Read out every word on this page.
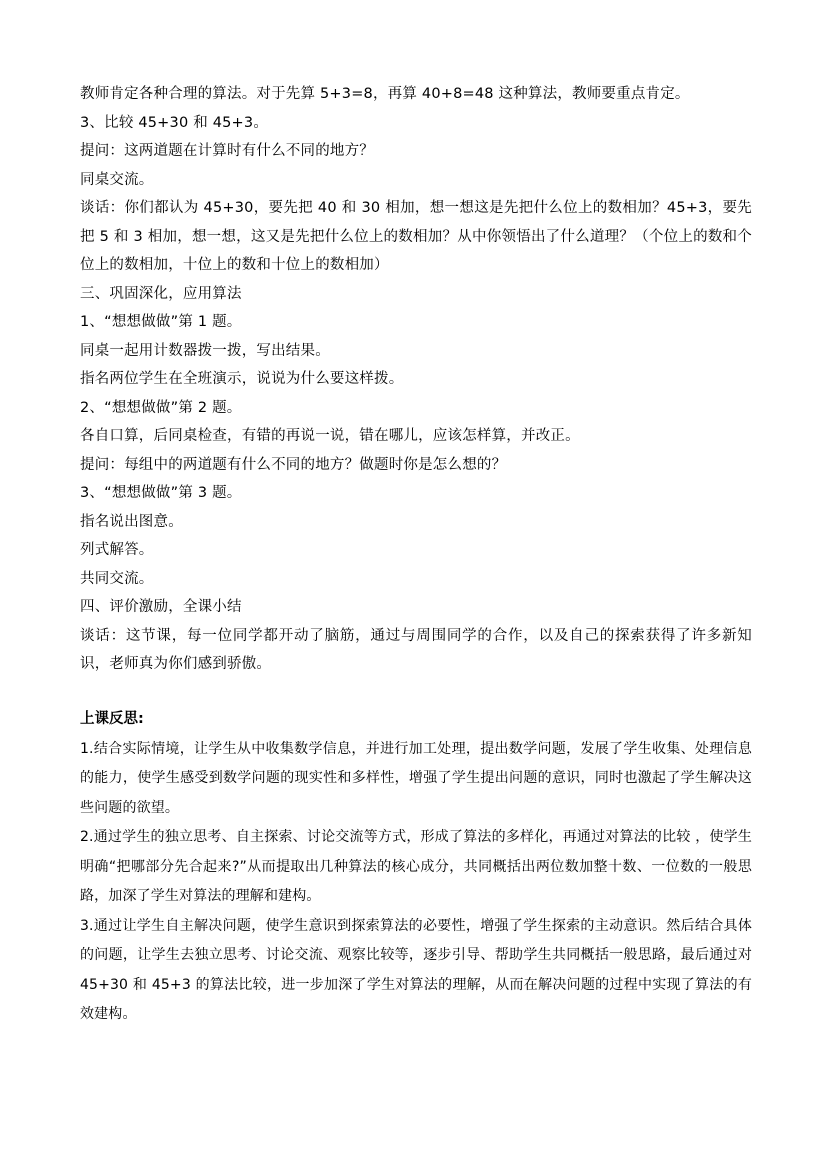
教师肯定各种合理的算法。对于先算 5+3=8，再算 40+8=48 这种算法，教师要重点肯定。
3、比较 45+30 和 45+3。
提问：这两道题在计算时有什么不同的地方？
同桌交流。
谈话：你们都认为 45+30，要先把 40 和 30 相加，想一想这是先把什么位上的数相加？45+3，要先把 5 和 3 相加，想一想，这又是先把什么位上的数相加？从中你领悟出了什么道理？（个位上的数和个位上的数相加，十位上的数和十位上的数相加）
三、巩固深化，应用算法
1、“想想做做”第 1 题。
同桌一起用计数器拨一拨，写出结果。
指名两位学生在全班演示，说说为什么要这样拨。
2、“想想做做”第 2 题。
各自口算，后同桌检查，有错的再说一说，错在哪儿，应该怎样算，并改正。
提问：每组中的两道题有什么不同的地方？做题时你是怎么想的？
3、“想想做做”第 3 题。
指名说出图意。
列式解答。
共同交流。
四、评价激励，全课小结
谈话：这节课，每一位同学都开动了脑筋，通过与周围同学的合作，以及自己的探索获得了许多新知识，老师真为你们感到骄傲。
上课反思:
1.结合实际情境，让学生从中收集数学信息，并进行加工处理，提出数学问题，发展了学生收集、处理信息的能力，使学生感受到数学问题的现实性和多样性，增强了学生提出问题的意识，同时也激起了学生解决这些问题的欲望。
2.通过学生的独立思考、自主探索、讨论交流等方式，形成了算法的多样化，再通过对算法的比较 ，使学生明确“把哪部分先合起来?”从而提取出几种算法的核心成分，共同概括出两位数加整十数、一位数的一般思路，加深了学生对算法的理解和建构。
3.通过让学生自主解决问题，使学生意识到探索算法的必要性，增强了学生探索的主动意识。然后结合具体的问题，让学生去独立思考、讨论交流、观察比较等，逐步引导、帮助学生共同概括一般思路，最后通过对 45+30 和 45+3 的算法比较，进一步加深了学生对算法的理解，从而在解决问题的过程中实现了算法的有效建构。
